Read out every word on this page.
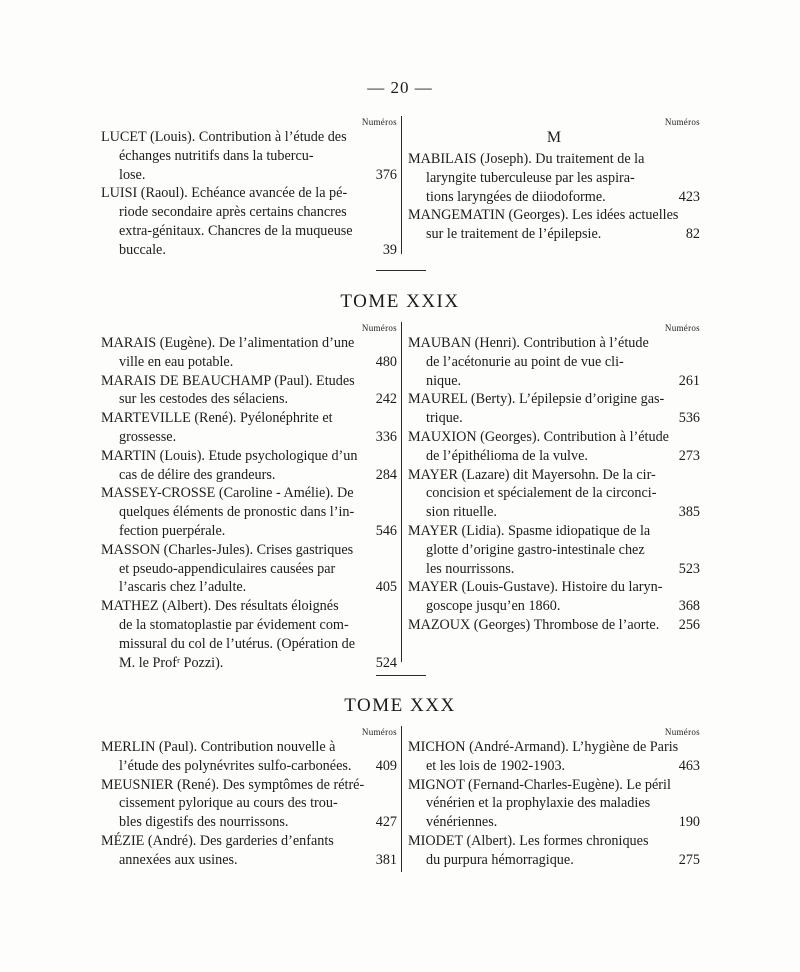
— 20 —
Numéros
LUCET (Louis). Contribution à l’étude des
échanges nutritifs dans la tubercu-
lose.	376
LUISI (Raoul). Echéance avancée de la pé-
riode secondaire après certains chancres
extra-génitaux. Chancres de la muqueuse
buccale.	39
Numéros
M
MABILAIS (Joseph). Du traitement de la
laryngite tuberculeuse par les aspira-
tions laryngées de diiodoforme.	423
MANGEMATIN (Georges). Les idées actuelles
sur le traitement de l’épilepsie.	82
TOME XXIX
Numéros
MARAIS (Eugène). De l’alimentation d’une
ville en eau potable.	480
MARAIS DE BEAUCHAMP (Paul). Etudes
sur les cestodes des sélaciens.	242
MARTEVILLE (René). Pyélonéphrite et
grossesse.	336
MARTIN (Louis). Etude psychologique d’un
cas de délire des grandeurs.	284
MASSEY-CROSSE (Caroline - Amélie). De
quelques éléments de pronostic dans l’in-
fection puerpérale.	546
MASSON (Charles-Jules). Crises gastriques
et pseudo-appendiculaires causées par
l’ascaris chez l’adulte.	405
MATHEZ (Albert). Des résultats éloignés
de la stomatoplastie par évidement com-
missural du col de l’utérus. (Opération de
M. le Profʳ Pozzi).	524
Numéros
MAUBAN (Henri). Contribution à l’étude
de l’acétonurie au point de vue cli-
nique.	261
MAUREL (Berty). L’épilepsie d’origine gas-
trique.	536
MAUXION (Georges). Contribution à l’étude
de l’épithélioma de la vulve.	273
MAYER (Lazare) dit Mayersohn. De la cir-
concision et spécialement de la circonci-
sion rituelle.	385
MAYER (Lidia). Spasme idiopatique de la
glotte d’origine gastro-intestinale chez
les nourrissons.	523
MAYER (Louis-Gustave). Histoire du laryn-
goscope jusqu’en 1860.	368
MAZOUX (Georges) Thrombose de l’aorte.	256
TOME XXX
Numéros
MERLIN (Paul). Contribution nouvelle à
l’étude des polynévrites sulfo-carbonées.	409
MEUSNIER (René). Des symptômes de rétré-
cissement pylorique au cours des trou-
bles digestifs des nourrissons.	427
MÉZIE (André). Des garderies d’enfants
annexées aux usines.	381
Numéros
MICHON (André-Armand). L’hygiène de Paris
et les lois de 1902-1903.	463
MIGNOT (Fernand-Charles-Eugène). Le péril
vénérien et la prophylaxie des maladies
vénériennes.	190
MIODET (Albert). Les formes chroniques
du purpura hémorragique.	275
